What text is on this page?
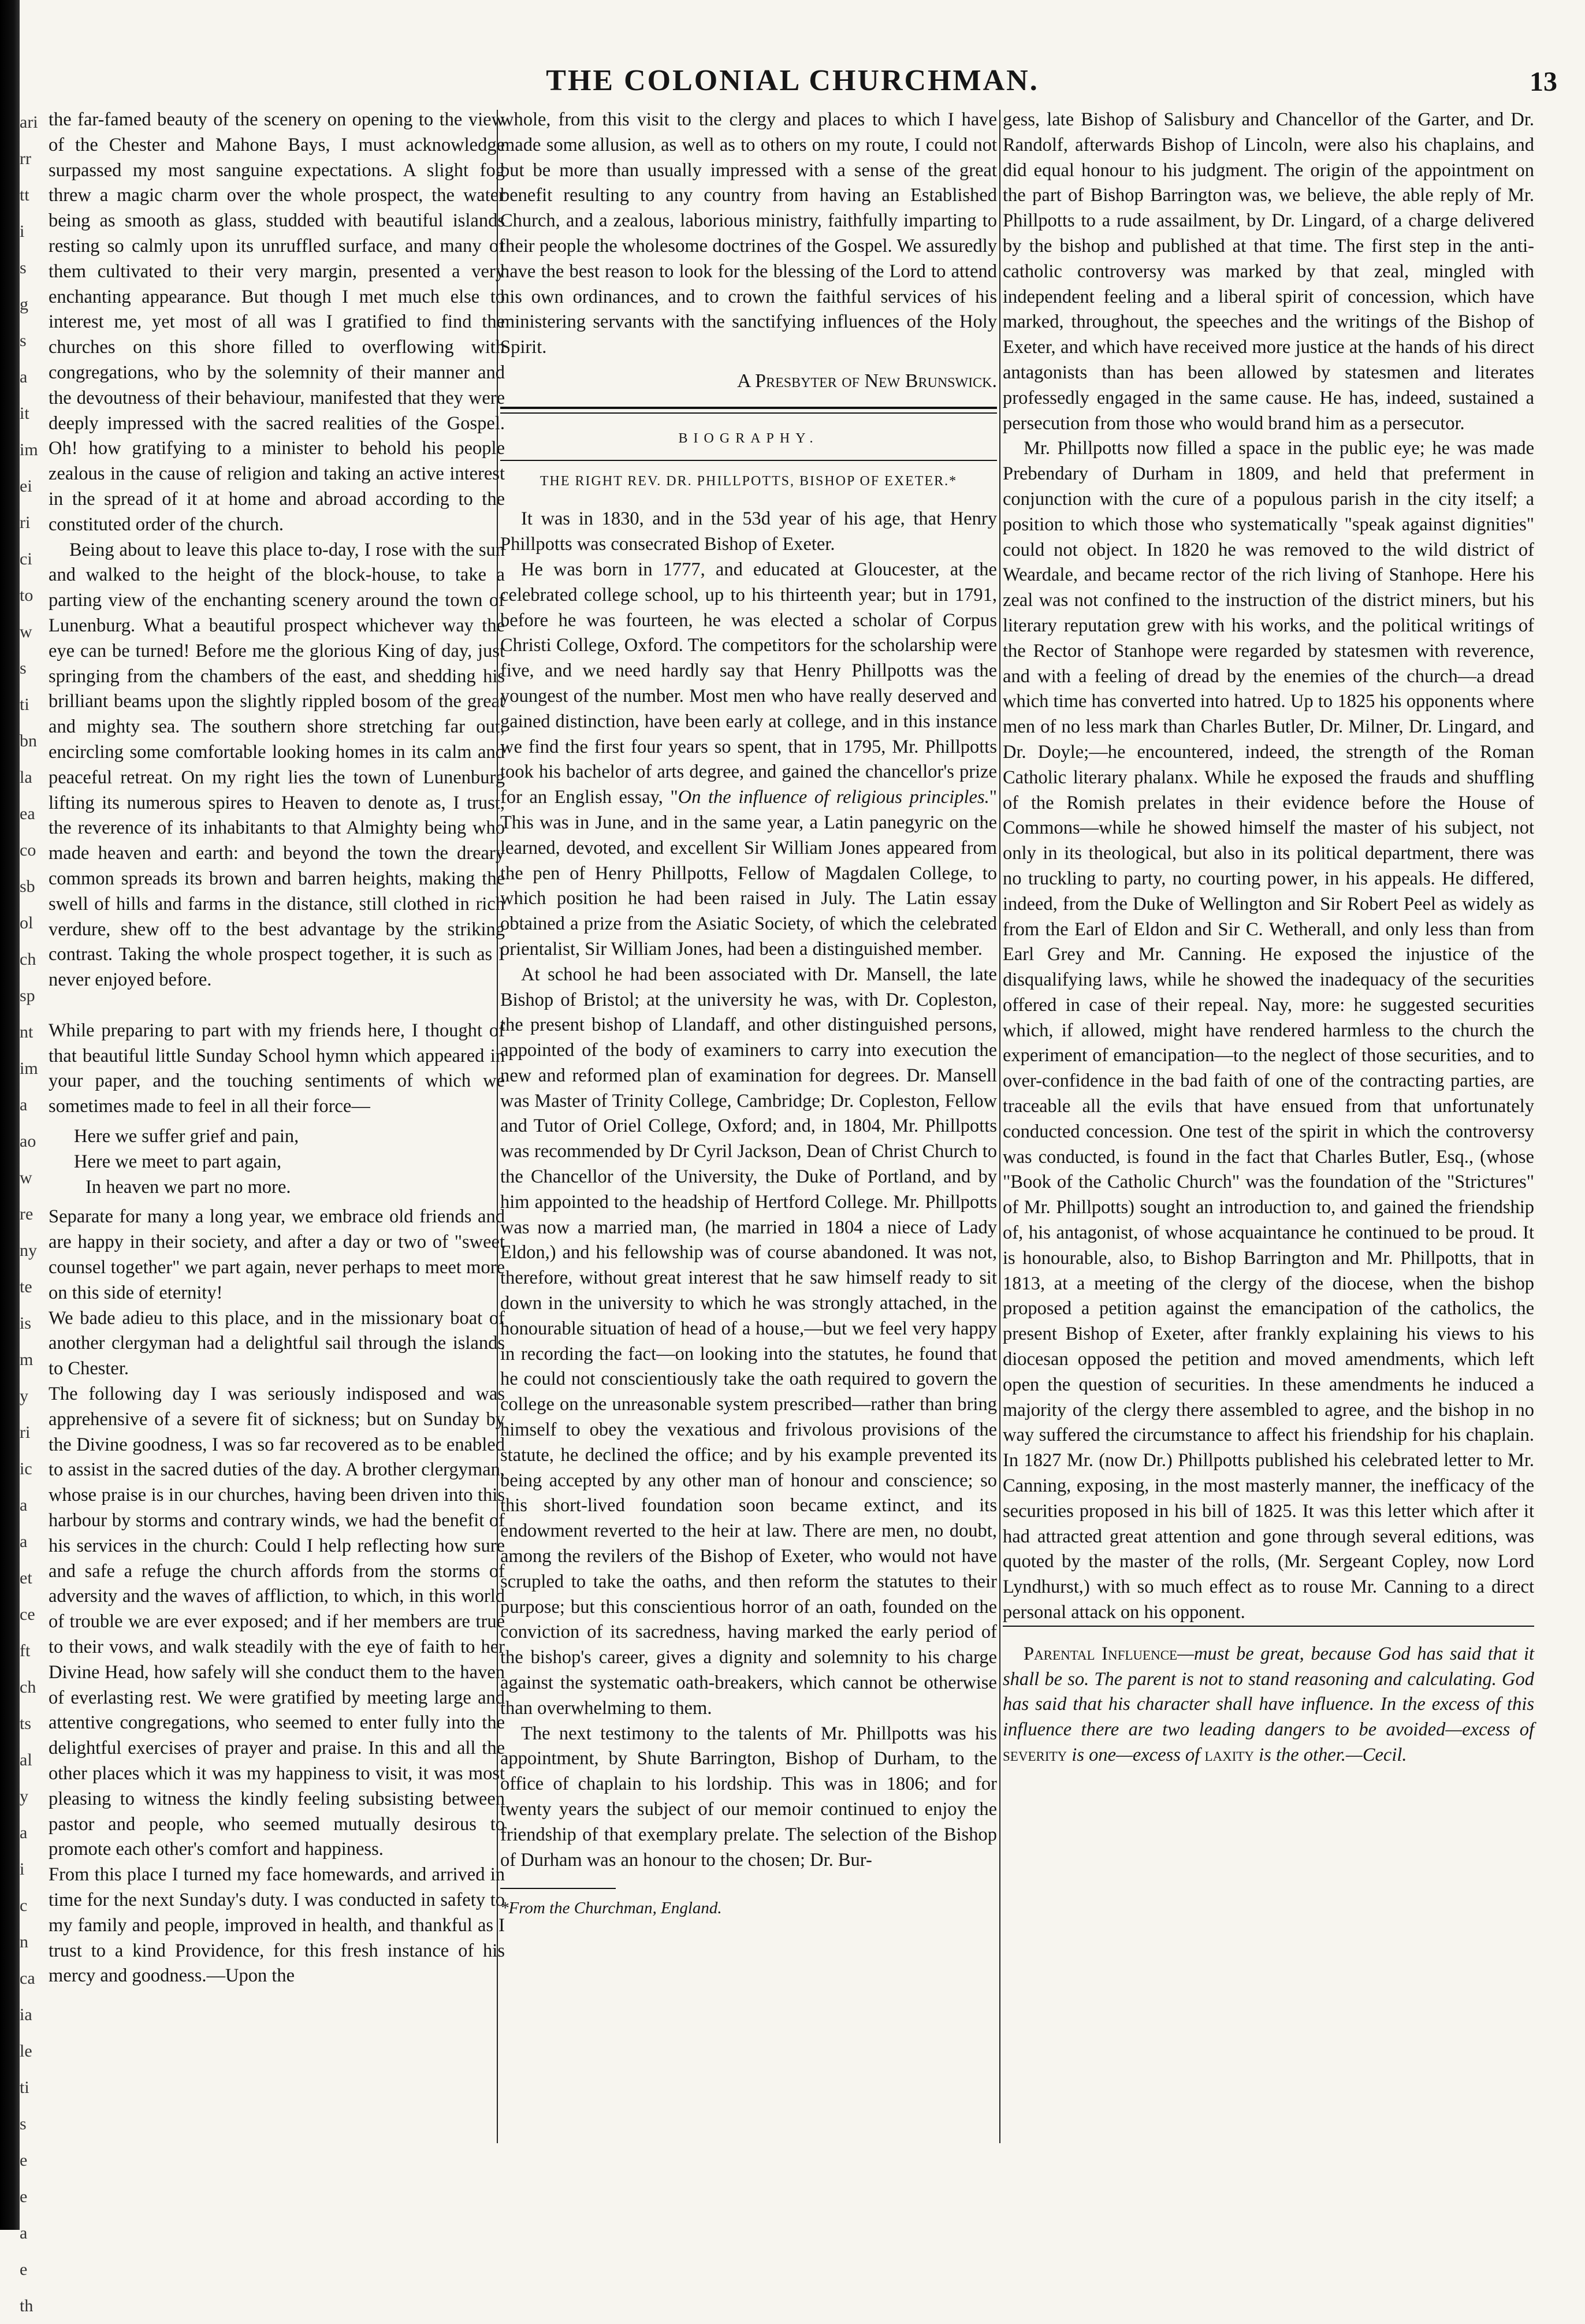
ari
rr
tt
i
s
g
s
a
it
im
ei
ri
ci
to
w
s
ti
bn
la
ea
co
sb
ol
ch
sp
nt
im
a
ao
w
re
ny
te
is
m
y
ri
ic
a
a
et
ce
ft
ch
ts
al
y
a
i
c
n
ca
ia
le
ti
s
e
e
a
e
th
THE COLONIAL CHURCHMAN.	13

the far-famed beauty of the scenery on opening to the view of the Chester and Mahone Bays, I must acknowledge surpassed my most sanguine expectations. A slight fog threw a magic charm over the whole prospect, the water being as smooth as glass, studded with beautiful islands resting so calmly upon its unruffled surface, and many of them cultivated to their very margin, presented a very enchanting appearance. But though I met much else to interest me, yet most of all was I gratified to find the churches on this shore filled to overflowing with congregations, who by the solemnity of their manner and the devoutness of their behaviour, manifested that they were deeply impressed with the sacred realities of the Gospel. Oh! how gratifying to a minister to behold his people zealous in the cause of religion and taking an active interest in the spread of it at home and abroad according to the constituted order of the church.

Being about to leave this place to-day, I rose with the sun and walked to the height of the block-house, to take a parting view of the enchanting scenery around the town of Lunenburg. What a beautiful prospect whichever way the eye can be turned! Before me the glorious King of day, just springing from the chambers of the east, and shedding his brilliant beams upon the slightly rippled bosom of the great and mighty sea. The southern shore stretching far out, encircling some comfortable looking homes in its calm and peaceful retreat. On my right lies the town of Lunenburg lifting its numerous spires to Heaven to denote as, I trust, the reverence of its inhabitants to that Almighty being who made heaven and earth: and beyond the town the dreary common spreads its brown and barren heights, making the swell of hills and farms in the distance, still clothed in rich verdure, shew off to the best advantage by the striking contrast. Taking the whole prospect together, it is such as I never enjoyed before.

While preparing to part with my friends here, I thought of that beautiful little Sunday School hymn which appeared in your paper, and the touching sentiments of which we sometimes made to feel in all their force—

Here we suffer grief and pain,
Here we meet to part again,
In heaven we part no more.

Separate for many a long year, we embrace old friends and are happy in their society, and after a day or two of "sweet counsel together" we part again, never perhaps to meet more on this side of eternity!

We bade adieu to this place, and in the missionary boat of another clergyman had a delightful sail through the islands to Chester.

The following day I was seriously indisposed and was apprehensive of a severe fit of sickness; but on Sunday by the Divine goodness, I was so far recovered as to be enabled to assist in the sacred duties of the day. A brother clergyman, whose praise is in our churches, having been driven into this harbour by storms and contrary winds, we had the benefit of his services in the church: Could I help reflecting how sure and safe a refuge the church affords from the storms of adversity and the waves of affliction, to which, in this world of trouble we are ever exposed; and if her members are true to their vows, and walk steadily with the eye of faith to her Divine Head, how safely will she conduct them to the haven of everlasting rest. We were gratified by meeting large and attentive congregations, who seemed to enter fully into the delightful exercises of prayer and praise. In this and all the other places which it was my happiness to visit, it was most pleasing to witness the kindly feeling subsisting between pastor and people, who seemed mutually desirous to promote each other's comfort and happiness.

From this place I turned my face homewards, and arrived in time for the next Sunday's duty. I was conducted in safety to my family and people, improved in health, and thankful as I trust to a kind Providence, for this fresh instance of his mercy and goodness.—Upon the

whole, from this visit to the clergy and places to which I have made some allusion, as well as to others on my route, I could not but be more than usually impressed with a sense of the great benefit resulting to any country from having an Established Church, and a zealous, laborious ministry, faithfully imparting to their people the wholesome doctrines of the Gospel. We assuredly have the best reason to look for the blessing of the Lord to attend his own ordinances, and to crown the faithful services of his ministering servants with the sanctifying influences of the Holy Spirit.

A Presbyter of New Brunswick.
BIOGRAPHY.
THE RIGHT REV. DR. PHILLPOTTS, BISHOP OF EXETER.*

It was in 1830, and in the 53d year of his age, that Henry Phillpotts was consecrated Bishop of Exeter.

He was born in 1777, and educated at Gloucester, at the celebrated college school, up to his thirteenth year; but in 1791, before he was fourteen, he was elected a scholar of Corpus Christi College, Oxford. The competitors for the scholarship were five, and we need hardly say that Henry Phillpotts was the youngest of the number. Most men who have really deserved and gained distinction, have been early at college, and in this instance we find the first four years so spent, that in 1795, Mr. Phillpotts took his bachelor of arts degree, and gained the chancellor's prize for an English essay, "On the influence of religious principles." This was in June, and in the same year, a Latin panegyric on the learned, devoted, and excellent Sir William Jones appeared from the pen of Henry Phillpotts, Fellow of Magdalen College, to which position he had been raised in July. The Latin essay obtained a prize from the Asiatic Society, of which the celebrated orientalist, Sir William Jones, had been a distinguished member.

At school he had been associated with Dr. Mansell, the late Bishop of Bristol; at the university he was, with Dr. Copleston, the present bishop of Llandaff, and other distinguished persons, appointed of the body of examiners to carry into execution the new and reformed plan of examination for degrees. Dr. Mansell was Master of Trinity College, Cambridge; Dr. Copleston, Fellow and Tutor of Oriel College, Oxford; and, in 1804, Mr. Phillpotts was recommended by Dr Cyril Jackson, Dean of Christ Church to the Chancellor of the University, the Duke of Portland, and by him appointed to the headship of Hertford College. Mr. Phillpotts was now a married man, (he married in 1804 a niece of Lady Eldon,) and his fellowship was of course abandoned. It was not, therefore, without great interest that he saw himself ready to sit down in the university to which he was strongly attached, in the honourable situation of head of a house,—but we feel very happy in recording the fact—on looking into the statutes, he found that he could not conscientiously take the oath required to govern the college on the unreasonable system prescribed—rather than bring himself to obey the vexatious and frivolous provisions of the statute, he declined the office; and by his example prevented its being accepted by any other man of honour and conscience; so this short-lived foundation soon became extinct, and its endowment reverted to the heir at law. There are men, no doubt, among the revilers of the Bishop of Exeter, who would not have scrupled to take the oaths, and then reform the statutes to their purpose; but this conscientious horror of an oath, founded on the conviction of its sacredness, having marked the early period of the bishop's career, gives a dignity and solemnity to his charge against the systematic oath-breakers, which cannot be otherwise than overwhelming to them.

The next testimony to the talents of Mr. Phillpotts was his appointment, by Shute Barrington, Bishop of Durham, to the office of chaplain to his lordship. This was in 1806; and for twenty years the subject of our memoir continued to enjoy the friendship of that exemplary prelate. The selection of the Bishop of Durham was an honour to the chosen; Dr. Bur-

*From the Churchman, England.

gess, late Bishop of Salisbury and Chancellor of the Garter, and Dr. Randolf, afterwards Bishop of Lincoln, were also his chaplains, and did equal honour to his judgment. The origin of the appointment on the part of Bishop Barrington was, we believe, the able reply of Mr. Phillpotts to a rude assailment, by Dr. Lingard, of a charge delivered by the bishop and published at that time. The first step in the anti-catholic controversy was marked by that zeal, mingled with independent feeling and a liberal spirit of concession, which have marked, throughout, the speeches and the writings of the Bishop of Exeter, and which have received more justice at the hands of his direct antagonists than has been allowed by statesmen and literates professedly engaged in the same cause. He has, indeed, sustained a persecution from those who would brand him as a persecutor.

Mr. Phillpotts now filled a space in the public eye; he was made Prebendary of Durham in 1809, and held that preferment in conjunction with the cure of a populous parish in the city itself; a position to which those who systematically "speak against dignities" could not object. In 1820 he was removed to the wild district of Weardale, and became rector of the rich living of Stanhope. Here his zeal was not confined to the instruction of the district miners, but his literary reputation grew with his works, and the political writings of the Rector of Stanhope were regarded by statesmen with reverence, and with a feeling of dread by the enemies of the church—a dread which time has converted into hatred. Up to 1825 his opponents where men of no less mark than Charles Butler, Dr. Milner, Dr. Lingard, and Dr. Doyle;—he encountered, indeed, the strength of the Roman Catholic literary phalanx. While he exposed the frauds and shuffling of the Romish prelates in their evidence before the House of Commons—while he showed himself the master of his subject, not only in its theological, but also in its political department, there was no truckling to party, no courting power, in his appeals. He differed, indeed, from the Duke of Wellington and Sir Robert Peel as widely as from the Earl of Eldon and Sir C. Wetherall, and only less than from Earl Grey and Mr. Canning. He exposed the injustice of the disqualifying laws, while he showed the inadequacy of the securities offered in case of their repeal. Nay, more: he suggested securities which, if allowed, might have rendered harmless to the church the experiment of emancipation—to the neglect of those securities, and to over-confidence in the bad faith of one of the contracting parties, are traceable all the evils that have ensued from that unfortunately conducted concession. One test of the spirit in which the controversy was conducted, is found in the fact that Charles Butler, Esq., (whose "Book of the Catholic Church" was the foundation of the "Strictures" of Mr. Phillpotts) sought an introduction to, and gained the friendship of, his antagonist, of whose acquaintance he continued to be proud. It is honourable, also, to Bishop Barrington and Mr. Phillpotts, that in 1813, at a meeting of the clergy of the diocese, when the bishop proposed a petition against the emancipation of the catholics, the present Bishop of Exeter, after frankly explaining his views to his diocesan opposed the petition and moved amendments, which left open the question of securities. In these amendments he induced a majority of the clergy there assembled to agree, and the bishop in no way suffered the circumstance to affect his friendship for his chaplain. In 1827 Mr. (now Dr.) Phillpotts published his celebrated letter to Mr. Canning, exposing, in the most masterly manner, the inefficacy of the securities proposed in his bill of 1825. It was this letter which after it had attracted great attention and gone through several editions, was quoted by the master of the rolls, (Mr. Sergeant Copley, now Lord Lyndhurst,) with so much effect as to rouse Mr. Canning to a direct personal attack on his opponent.

Parental Influence—must be great, because God has said that it shall be so. The parent is not to stand reasoning and calculating. God has said that his character shall have influence. In the excess of this influence there are two leading dangers to be avoided—excess of severity is one—excess of laxity is the other.—Cecil.
